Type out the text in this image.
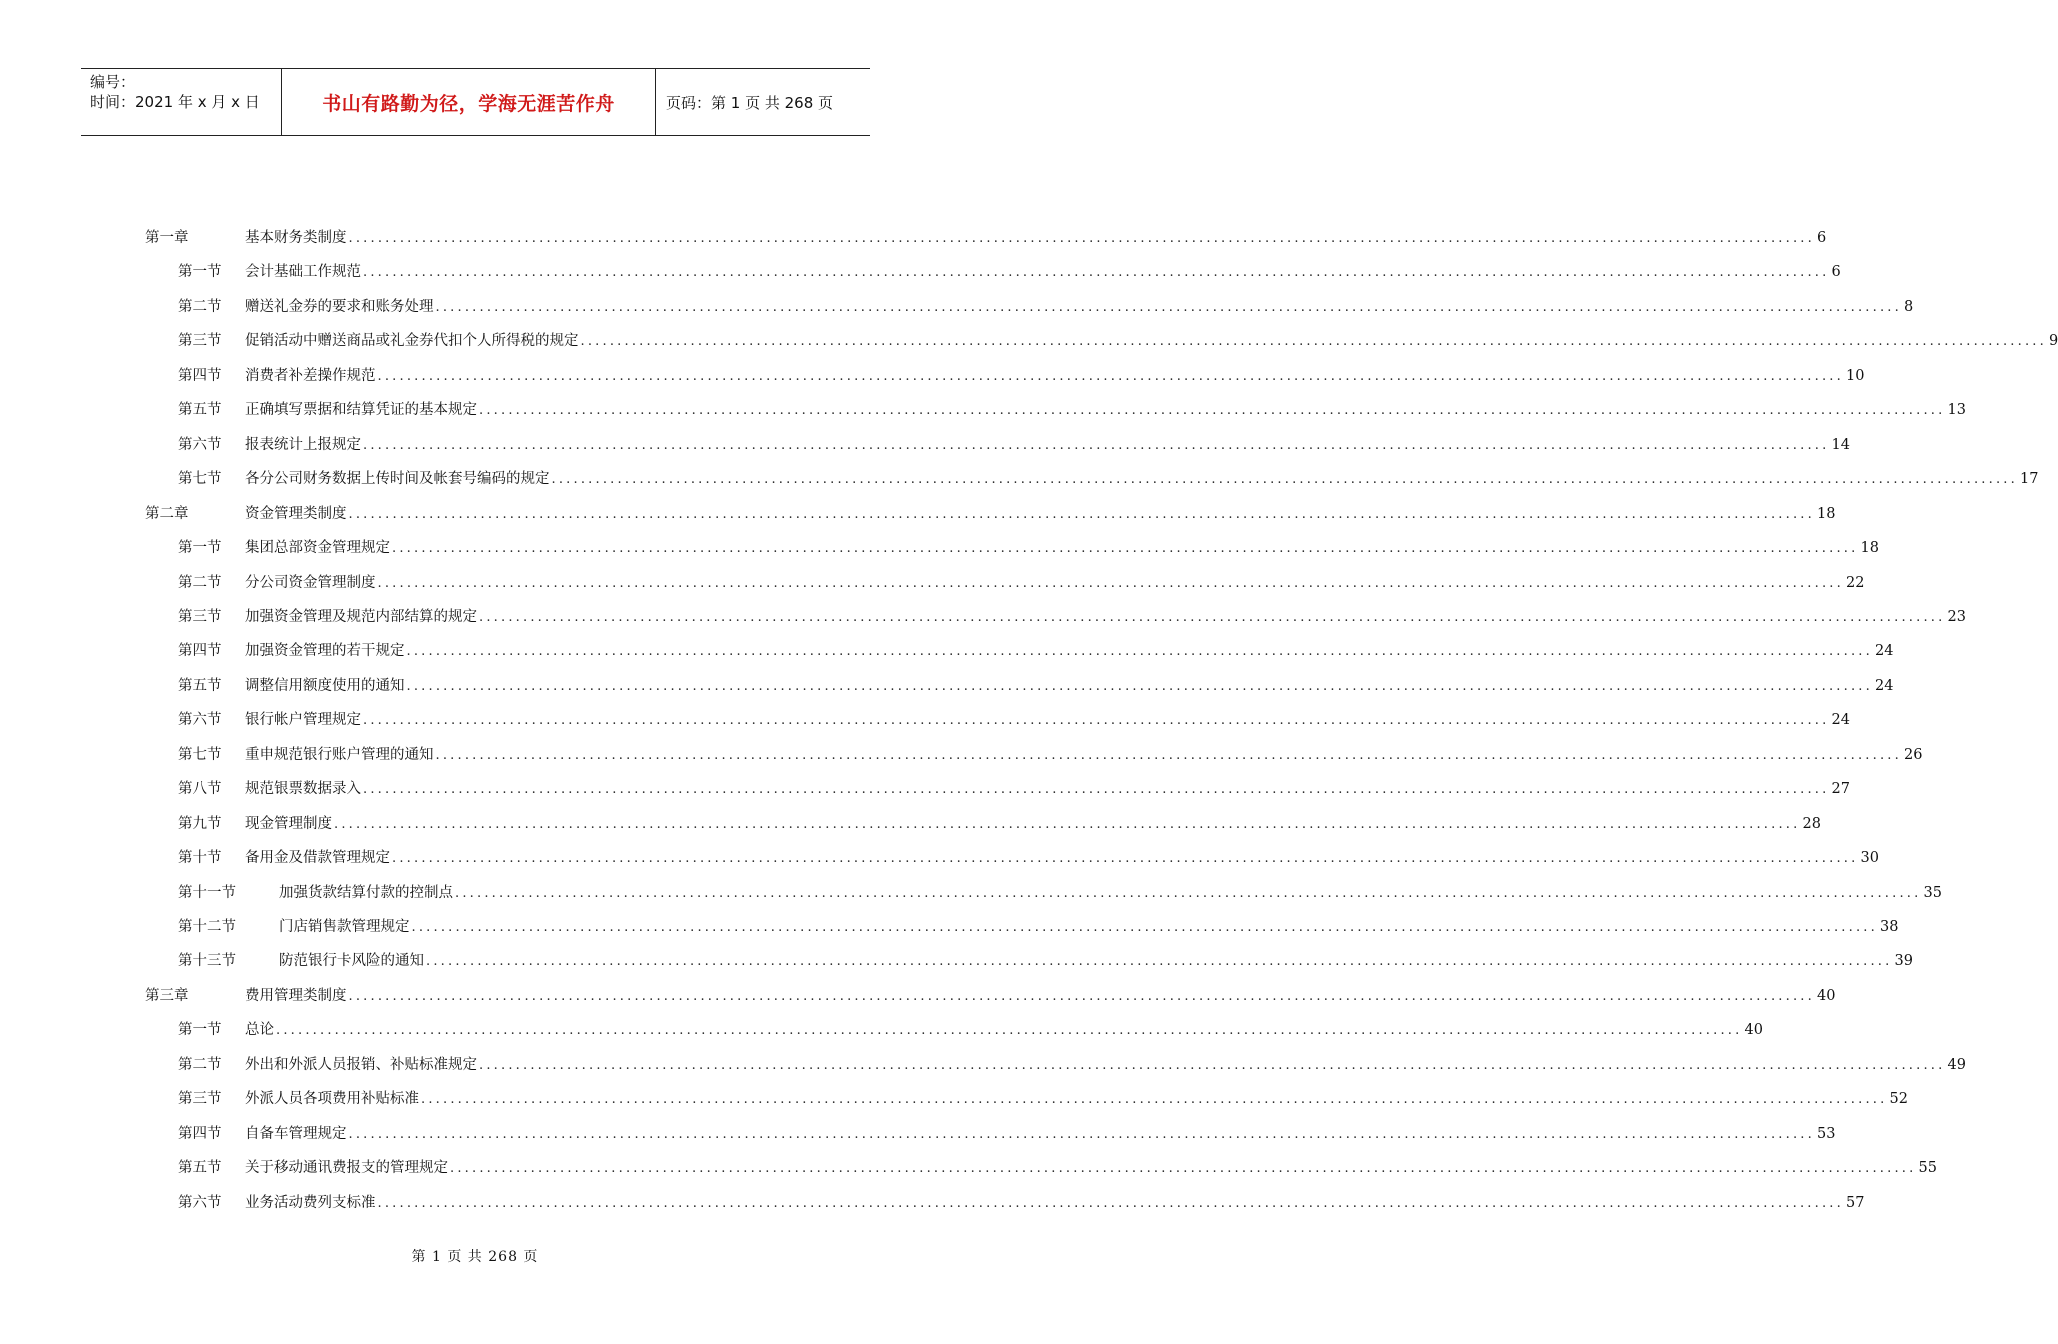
编号：
时间：2021 年 x 月 x 日	书山有路勤为径，学海无涯苦作舟	页码：第 1 页 共 268 页
第一章	基本财务类制度 ........................................................................................................................................................................................................ 6
第一节	会计基础工作规范 ........................................................................................................................................................................................................ 6
第二节	赠送礼金券的要求和账务处理 ........................................................................................................................................................................................................ 8
第三节	促销活动中赠送商品或礼金券代扣个人所得税的规定 ........................................................................................................................................................................................................ 9
第四节	消费者补差操作规范 ........................................................................................................................................................................................................ 10
第五节	正确填写票据和结算凭证的基本规定 ........................................................................................................................................................................................................ 13
第六节	报表统计上报规定 ........................................................................................................................................................................................................ 14
第七节	各分公司财务数据上传时间及帐套号编码的规定 ........................................................................................................................................................................................................ 17
第二章	资金管理类制度 ........................................................................................................................................................................................................ 18
第一节	集团总部资金管理规定 ........................................................................................................................................................................................................ 18
第二节	分公司资金管理制度 ........................................................................................................................................................................................................ 22
第三节	加强资金管理及规范内部结算的规定 ........................................................................................................................................................................................................ 23
第四节	加强资金管理的若干规定 ........................................................................................................................................................................................................ 24
第五节	调整信用额度使用的通知 ........................................................................................................................................................................................................ 24
第六节	银行帐户管理规定 ........................................................................................................................................................................................................ 24
第七节	重申规范银行账户管理的通知 ........................................................................................................................................................................................................ 26
第八节	规范银票数据录入 ........................................................................................................................................................................................................ 27
第九节	现金管理制度 ........................................................................................................................................................................................................ 28
第十节	备用金及借款管理规定 ........................................................................................................................................................................................................ 30
第十一节	加强货款结算付款的控制点 ........................................................................................................................................................................................................ 35
第十二节	门店销售款管理规定 ........................................................................................................................................................................................................ 38
第十三节	防范银行卡风险的通知 ........................................................................................................................................................................................................ 39
第三章	费用管理类制度 ........................................................................................................................................................................................................ 40
第一节	总论 ........................................................................................................................................................................................................ 40
第二节	外出和外派人员报销、补贴标准规定 ........................................................................................................................................................................................................ 49
第三节	外派人员各项费用补贴标准 ........................................................................................................................................................................................................ 52
第四节	自备车管理规定 ........................................................................................................................................................................................................ 53
第五节	关于移动通讯费报支的管理规定 ........................................................................................................................................................................................................ 55
第六节	业务活动费列支标准 ........................................................................................................................................................................................................ 57
第 1 页 共 268 页
